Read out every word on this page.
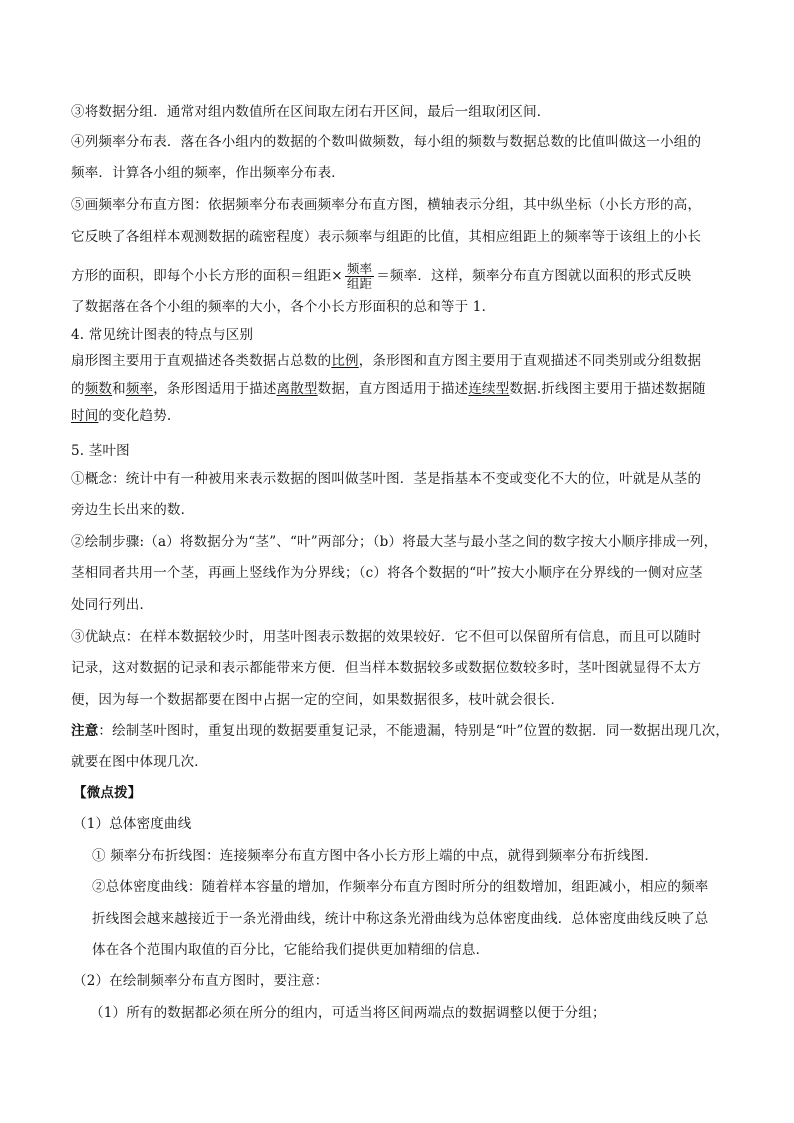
③将数据分组．通常对组内数值所在区间取左闭右开区间，最后一组取闭区间．
④列频率分布表．落在各小组内的数据的个数叫做频数，每小组的频数与数据总数的比值叫做这一小组的
频率．计算各小组的频率，作出频率分布表．
⑤画频率分布直方图：依据频率分布表画频率分布直方图，横轴表示分组，其中纵坐标（小长方形的高，
它反映了各组样本观测数据的疏密程度）表示频率与组距的比值，其相应组距上的频率等于该组上的小长
方形的面积，即每个小长方形的面积＝组距× $\frac{\text{频率}}{\text{组距}}$ ＝频率．这样，频率分布直方图就以面积的形式反映
了数据落在各个小组的频率的大小，各个小长方形面积的总和等于 1．
4. 常见统计图表的特点与区别
扇形图主要用于直观描述各类数据占总数的比例，条形图和直方图主要用于直观描述不同类别或分组数据
的频数和频率，条形图适用于描述离散型数据，直方图适用于描述连续型数据.折线图主要用于描述数据随
时间的变化趋势.
5. 茎叶图
①概念：统计中有一种被用来表示数据的图叫做茎叶图．茎是指基本不变或变化不大的位，叶就是从茎的
旁边生长出来的数．
②绘制步骤:（a）将数据分为“茎”、“叶”两部分；（b）将最大茎与最小茎之间的数字按大小顺序排成一列，
茎相同者共用一个茎，再画上竖线作为分界线；（c）将各个数据的“叶”按大小顺序在分界线的一侧对应茎
处同行列出．
③优缺点：在样本数据较少时，用茎叶图表示数据的效果较好．它不但可以保留所有信息，而且可以随时
记录，这对数据的记录和表示都能带来方便．但当样本数据较多或数据位数较多时，茎叶图就显得不太方
便，因为每一个数据都要在图中占据一定的空间，如果数据很多，枝叶就会很长．
注意：绘制茎叶图时，重复出现的数据要重复记录，不能遗漏，特别是“叶”位置的数据．同一数据出现几次，
就要在图中体现几次．
【微点拨】
（1）总体密度曲线
① 频率分布折线图：连接频率分布直方图中各小长方形上端的中点，就得到频率分布折线图．
②总体密度曲线：随着样本容量的增加，作频率分布直方图时所分的组数增加，组距减小，相应的频率
折线图会越来越接近于一条光滑曲线，统计中称这条光滑曲线为总体密度曲线．总体密度曲线反映了总
体在各个范围内取值的百分比，它能给我们提供更加精细的信息．
（2）在绘制频率分布直方图时，要注意：
（1）所有的数据都必须在所分的组内，可适当将区间两端点的数据调整以便于分组；
